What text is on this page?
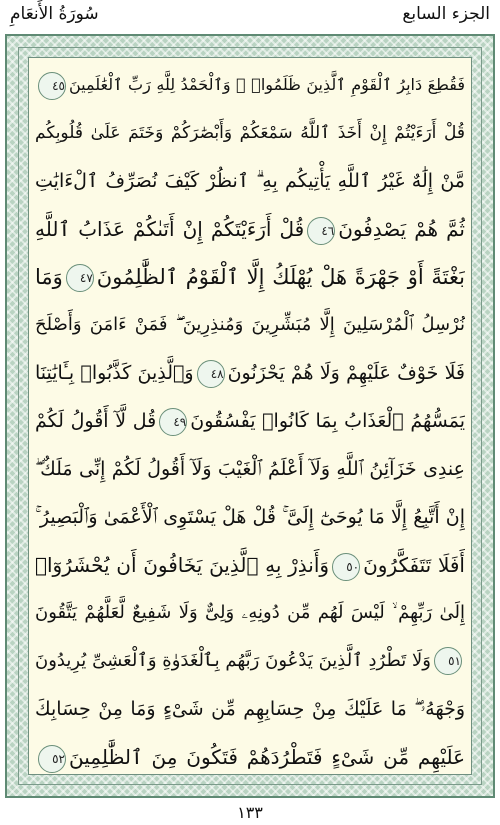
الجزء السابع
سُورَةُ الأَنعَامِ
فَقُطِعَ دَابِرُ ٱلْقَوْمِ ٱلَّذِينَ ظَلَمُوا۟ ۚ وَٱلْحَمْدُ لِلَّهِ رَبِّ ٱلْعَٰلَمِينَ٤٥
قُلْ أَرَءَيْتُمْ إِنْ أَخَذَ ٱللَّهُ سَمْعَكُمْ وَأَبْصَٰرَكُمْ وَخَتَمَ عَلَىٰ قُلُوبِكُم
مَّنْ إِلَٰهٌ غَيْرُ ٱللَّهِ يَأْتِيكُم بِهِ ۗ ٱنظُرْ كَيْفَ نُصَرِّفُ ٱلْءَايَٰتِ
ثُمَّ هُمْ يَصْدِفُونَ٤٦قُلْ أَرَءَيْتَكُمْ إِنْ أَتَىٰكُمْ عَذَابُ ٱللَّهِ
بَغْتَةً أَوْ جَهْرَةً هَلْ يُهْلَكُ إِلَّا ٱلْقَوْمُ ٱلظَّٰلِمُونَ٤٧وَمَا
نُرْسِلُ ٱلْمُرْسَلِينَ إِلَّا مُبَشِّرِينَ وَمُنذِرِينَ ۖ فَمَنْ ءَامَنَ وَأَصْلَحَ
فَلَا خَوْفٌ عَلَيْهِمْ وَلَا هُمْ يَحْزَنُونَ٤٨وَٱلَّذِينَ كَذَّبُوا۟ بِـَٔايَٰتِنَا
يَمَسُّهُمُ ٱلْعَذَابُ بِمَا كَانُوا۟ يَفْسُقُونَ٤٩قُل لَّآ أَقُولُ لَكُمْ
عِندِى خَزَآئِنُ ٱللَّهِ وَلَآ أَعْلَمُ ٱلْغَيْبَ وَلَآ أَقُولُ لَكُمْ إِنِّى مَلَكٌ ۖ
إِنْ أَتَّبِعُ إِلَّا مَا يُوحَىٰٓ إِلَىَّ ۚ قُلْ هَلْ يَسْتَوِى ٱلْأَعْمَىٰ وَٱلْبَصِيرُ ۚ
أَفَلَا تَتَفَكَّرُونَ٥٠وَأَنذِرْ بِهِ ٱلَّذِينَ يَخَافُونَ أَن يُحْشَرُوٓا۟
إِلَىٰ رَبِّهِمْ ۙ لَيْسَ لَهُم مِّن دُونِهِۦ وَلِىٌّ وَلَا شَفِيعٌ لَّعَلَّهُمْ يَتَّقُونَ
٥١وَلَا تَطْرُدِ ٱلَّذِينَ يَدْعُونَ رَبَّهُم بِٱلْغَدَوٰةِ وَٱلْعَشِىِّ يُرِيدُونَ
وَجْهَهُۥ ۖ مَا عَلَيْكَ مِنْ حِسَابِهِم مِّن شَىْءٍ وَمَا مِنْ حِسَابِكَ
عَلَيْهِم مِّن شَىْءٍ فَتَطْرُدَهُمْ فَتَكُونَ مِنَ ٱلظَّٰلِمِينَ٥٢
١٣٣
